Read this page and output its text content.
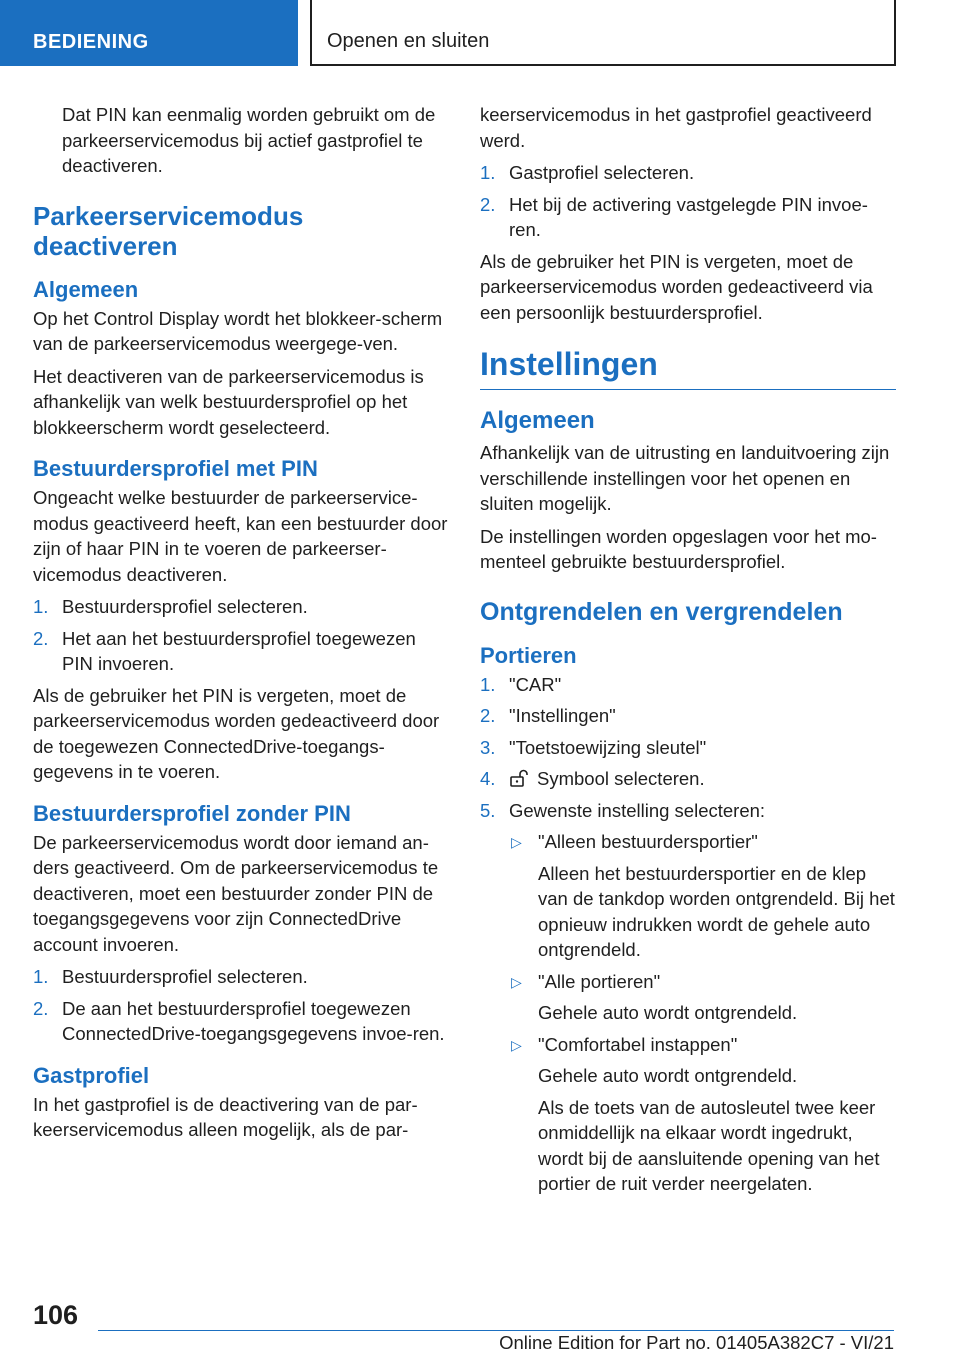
BEDIENING	Openen en sluiten

Dat PIN kan eenmalig worden gebruikt om de parkeerservicemodus bij actief gastprofiel te deactiveren.

Parkeerservicemodus deactiveren
Algemeen

Op het Control Display wordt het blokkeer-scherm van de parkeerservicemodus weergege-ven.

Het deactiveren van de parkeerservicemodus is afhankelijk van welk bestuurdersprofiel op het blokkeerscherm wordt geselecteerd.

Bestuurdersprofiel met PIN

Ongeacht welke bestuurder de parkeerservice-modus geactiveerd heeft, kan een bestuurder door zijn of haar PIN in te voeren de parkeerser-vicemodus deactiveren.

1. Bestuurdersprofiel selecteren.
2. Het aan het bestuurdersprofiel toegewezen PIN invoeren.

Als de gebruiker het PIN is vergeten, moet de parkeerservicemodus worden gedeactiveerd door de toegewezen ConnectedDrive-toegangs-gegevens in te voeren.

Bestuurdersprofiel zonder PIN

De parkeerservicemodus wordt door iemand an-ders geactiveerd. Om de parkeerservicemodus te deactiveren, moet een bestuurder zonder PIN de toegangsgegevens voor zijn ConnectedDrive account invoeren.

1. Bestuurdersprofiel selecteren.
2. De aan het bestuurdersprofiel toegewezen ConnectedDrive-toegangsgegevens invoe-ren.
Gastprofiel

In het gastprofiel is de deactivering van de par-keerservicemodus alleen mogelijk, als de par-

keerservicemodus in het gastprofiel geactiveerd werd.

1. Gastprofiel selecteren.
2. Het bij de activering vastgelegde PIN invoe-ren.

Als de gebruiker het PIN is vergeten, moet de parkeerservicemodus worden gedeactiveerd via een persoonlijk bestuurdersprofiel.

Instellingen
Algemeen

Afhankelijk van de uitrusting en landuitvoering zijn verschillende instellingen voor het openen en sluiten mogelijk.

De instellingen worden opgeslagen voor het mo-menteel gebruikte bestuurdersprofiel.

Ontgrendelen en vergrendelen
Portieren
1. "CAR"
2. "Instellingen"
3. "Toetstoewijzing sleutel"
4. Symbool selecteren.
5. Gewenste instelling selecteren:
▷ "Alleen bestuurdersportier"

Alleen het bestuurdersportier en de klep van de tankdop worden ontgrendeld. Bij het opnieuw indrukken wordt de gehele auto ontgrendeld.

▷ "Alle portieren"

Gehele auto wordt ontgrendeld.

▷ "Comfortabel instappen"

Gehele auto wordt ontgrendeld.

Als de toets van de autosleutel twee keer onmiddellijk na elkaar wordt ingedrukt, wordt bij de aansluitende opening van het portier de ruit verder neergelaten.

106
Online Edition for Part no. 01405A382C7 - VI/21
